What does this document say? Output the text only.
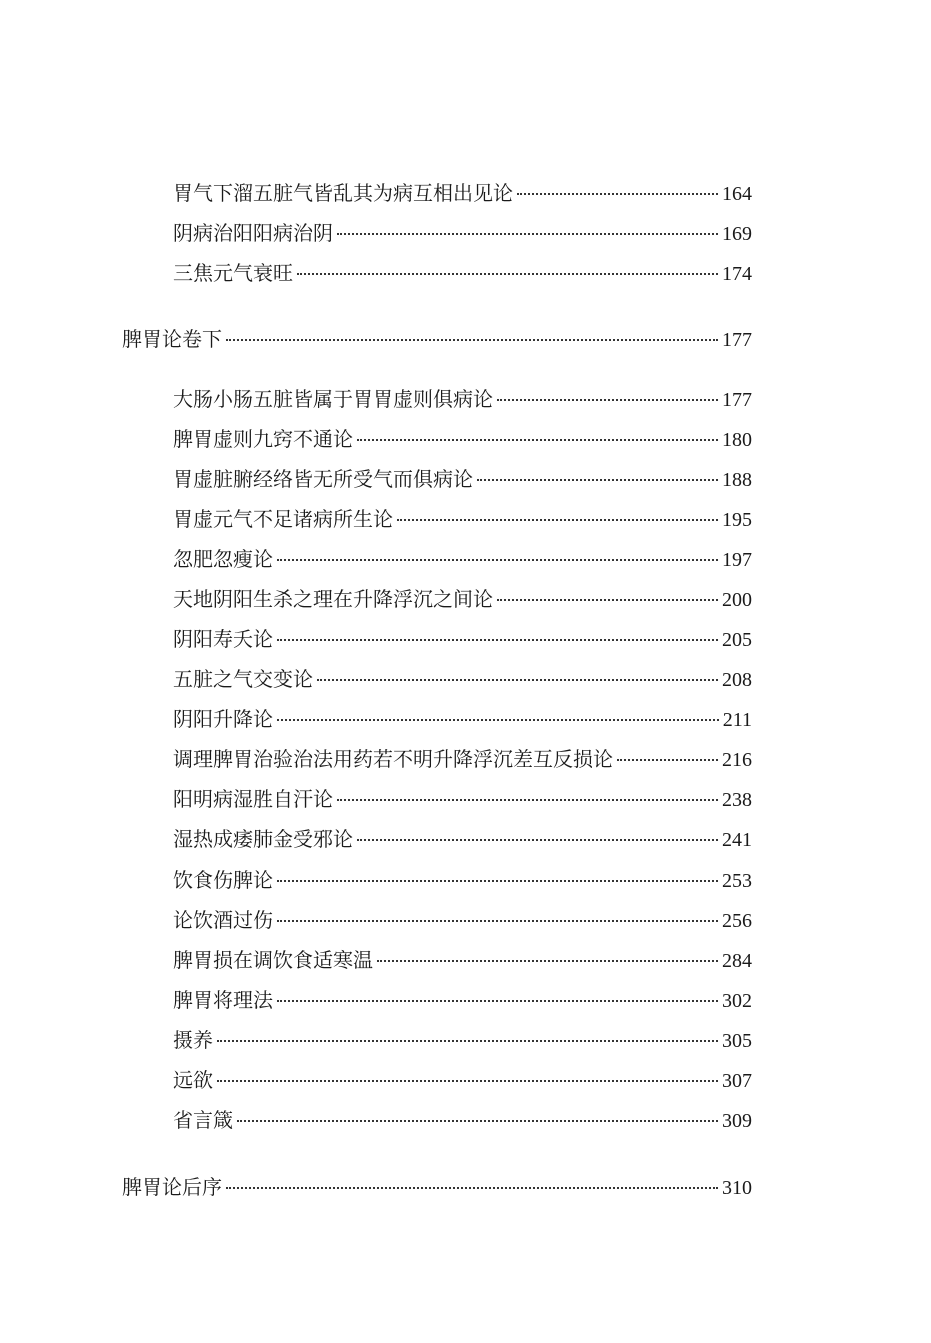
胃气下溜五脏气皆乱其为病互相出见论	164
阴病治阳阳病治阴	169
三焦元气衰旺	174
脾胃论卷下	177
大肠小肠五脏皆属于胃胃虚则俱病论	177
脾胃虚则九窍不通论	180
胃虚脏腑经络皆无所受气而俱病论	188
胃虚元气不足诸病所生论	195
忽肥忽瘦论	197
天地阴阳生杀之理在升降浮沉之间论	200
阴阳寿夭论	205
五脏之气交变论	208
阴阳升降论	211
调理脾胃治验治法用药若不明升降浮沉差互反损论	216
阳明病湿胜自汗论	238
湿热成痿肺金受邪论	241
饮食伤脾论	253
论饮酒过伤	256
脾胃损在调饮食适寒温	284
脾胃将理法	302
摄养	305
远欲	307
省言箴	309
脾胃论后序	310
